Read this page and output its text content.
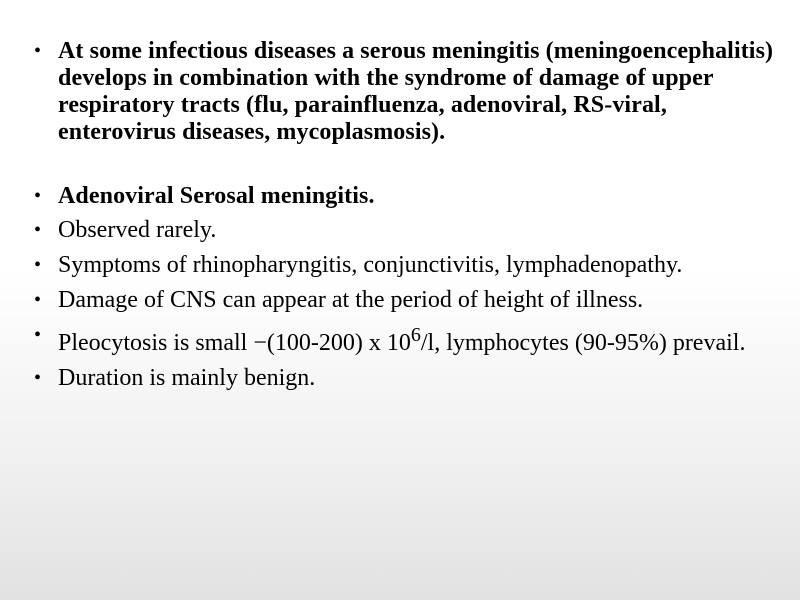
• At some infectious diseases a serous meningitis (meningoencephalitis) develops in combination with the syndrome of damage of upper respiratory tracts (flu, parainfluenza, adenoviral, RS-viral, enterovirus diseases, mycoplasmosis).
• Adenoviral Serosal meningitis.
• Observed rarely.
• Symptoms of rhinopharyngitis, conjunctivitis, lymphadenopathy.
• Damage of CNS can appear at the period of height of illness.
• Pleocytosis is small −(100-200) x $10^6/l$, lymphocytes (90-95%) prevail.
• Duration is mainly benign.
